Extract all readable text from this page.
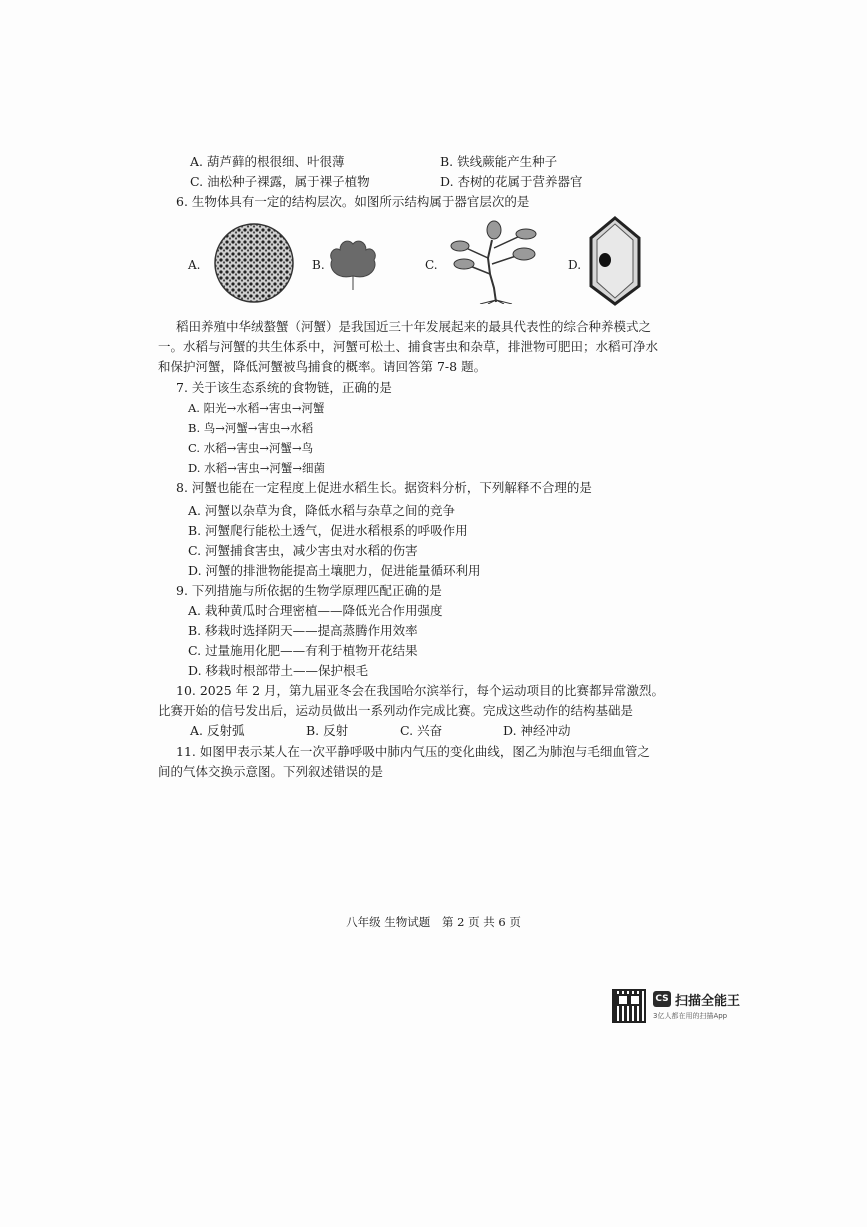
A. 葫芦藓的根很细、叶很薄	B. 铁线蕨能产生种子
C. 油松种子裸露，属于裸子植物	D. 杏树的花属于营养器官
6. 生物体具有一定的结构层次。如图所示结构属于器官层次的是
A.	B.	C.	D.
稻田养殖中华绒螯蟹（河蟹）是我国近三十年发展起来的最具代表性的综合种养模式之
一。水稻与河蟹的共生体系中，河蟹可松土、捕食害虫和杂草，排泄物可肥田；水稻可净水
和保护河蟹，降低河蟹被鸟捕食的概率。请回答第 7-8 题。
7. 关于该生态系统的食物链，正确的是
A. 阳光→水稻→害虫→河蟹
B. 鸟→河蟹→害虫→水稻
C. 水稻→害虫→河蟹→鸟
D. 水稻→害虫→河蟹→细菌
8. 河蟹也能在一定程度上促进水稻生长。据资料分析，下列解释不合理的是
A. 河蟹以杂草为食，降低水稻与杂草之间的竞争
B. 河蟹爬行能松土透气，促进水稻根系的呼吸作用
C. 河蟹捕食害虫，减少害虫对水稻的伤害
D. 河蟹的排泄物能提高土壤肥力，促进能量循环利用
9. 下列措施与所依据的生物学原理匹配正确的是
A. 栽种黄瓜时合理密植——降低光合作用强度
B. 移栽时选择阴天——提高蒸腾作用效率
C. 过量施用化肥——有利于植物开花结果
D. 移栽时根部带土——保护根毛
10. 2025 年 2 月，第九届亚冬会在我国哈尔滨举行，每个运动项目的比赛都异常激烈。
比赛开始的信号发出后，运动员做出一系列动作完成比赛。完成这些动作的结构基础是
A. 反射弧	B. 反射	C. 兴奋	D. 神经冲动
11. 如图甲表示某人在一次平静呼吸中肺内气压的变化曲线，图乙为肺泡与毛细血管之
间的气体交换示意图。下列叙述错误的是
八年级 生物试题 第 2 页 共 6 页
CS 扫描全能王
3亿人都在用的扫描App
